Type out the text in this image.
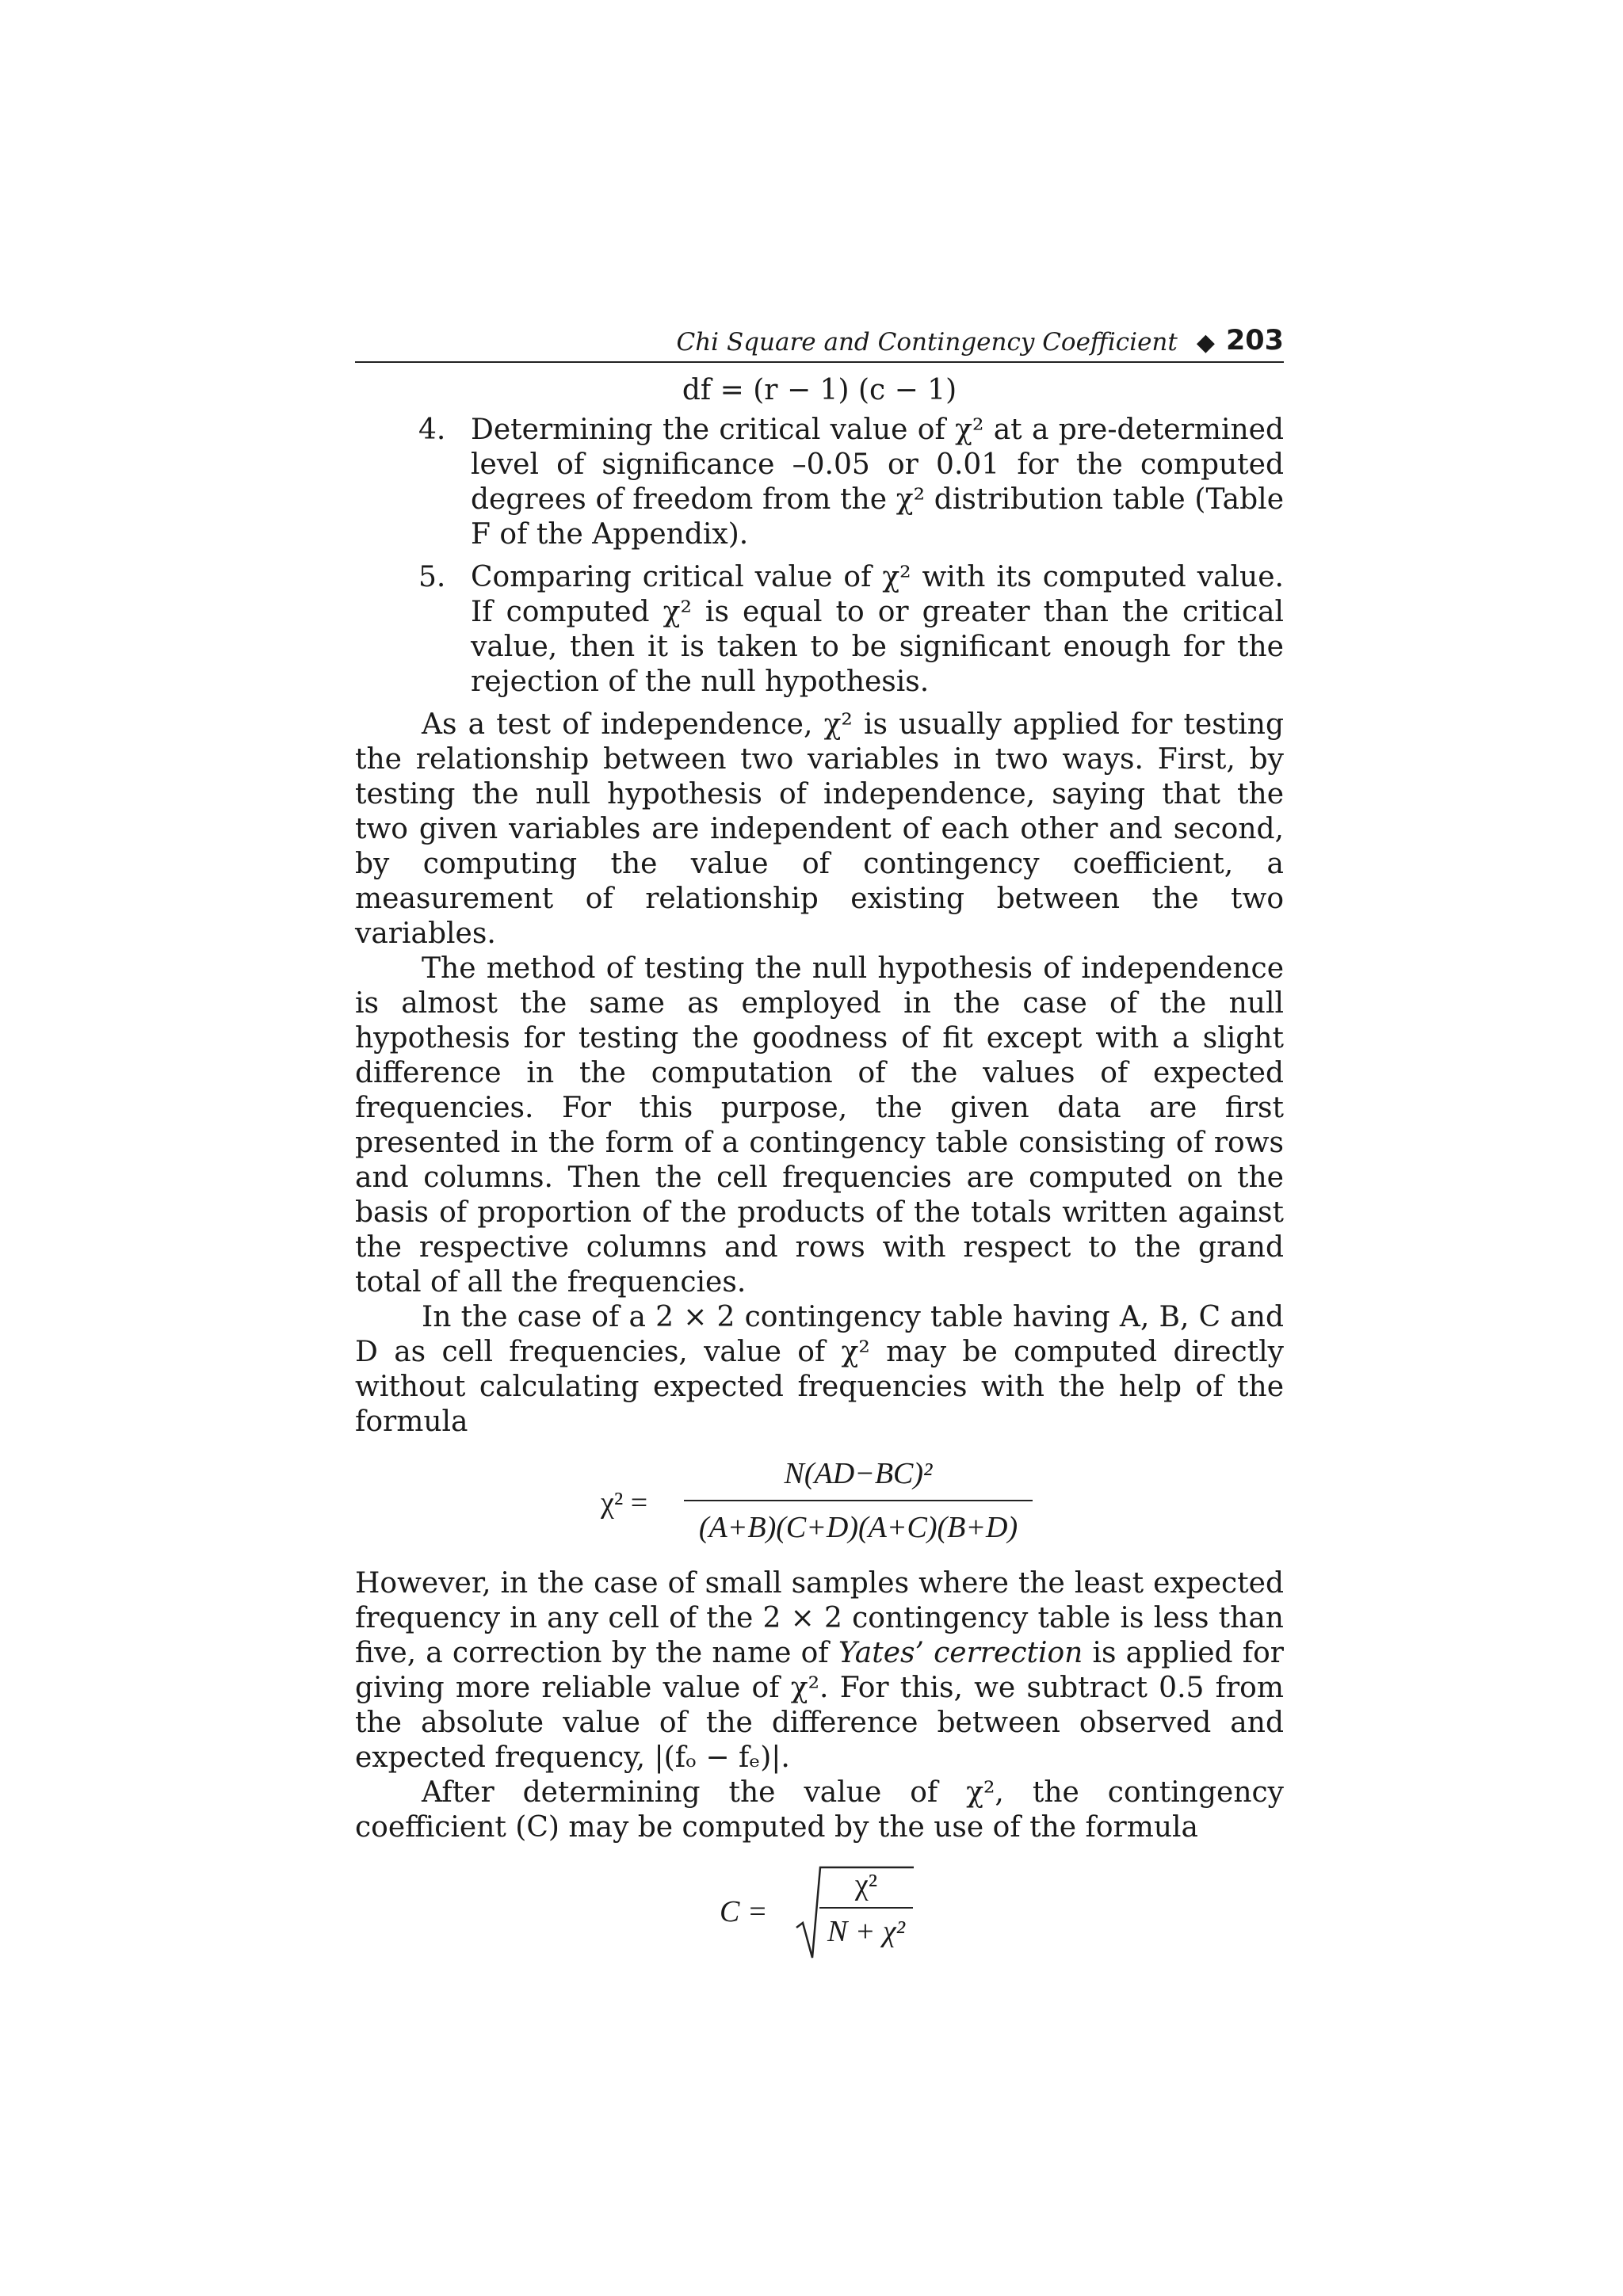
Chi Square and Contingency Coefficient ◆ 203
df = (r − 1) (c − 1)
4. Determining the critical value of χ² at a pre-determined level of significance –0.05 or 0.01 for the computed degrees of freedom from the χ² distribution table (Table F of the Appendix).
5. Comparing critical value of χ² with its computed value. If computed χ² is equal to or greater than the critical value, then it is taken to be significant enough for the rejection of the null hypothesis.

As a test of independence, χ² is usually applied for testing the relationship between two variables in two ways. First, by testing the null hypothesis of independence, saying that the two given variables are independent of each other and second, by computing the value of contingency coefficient, a measurement of relationship existing between the two variables.

The method of testing the null hypothesis of independence is almost the same as employed in the case of the null hypothesis for testing the goodness of fit except with a slight difference in the computation of the values of expected frequencies. For this purpose, the given data are first presented in the form of a contingency table consisting of rows and columns. Then the cell frequencies are computed on the basis of proportion of the products of the totals written against the respective columns and rows with respect to the grand total of all the frequencies.

In the case of a 2 × 2 contingency table having A, B, C and D as cell frequencies, value of χ² may be computed directly without calculating expected frequencies with the help of the formula

χ² =
N(AD−BC)²
(A+B)(C+D)(A+C)(B+D)

However, in the case of small samples where the least expected frequency in any cell of the 2 × 2 contingency table is less than five, a correction by the name of Yates’ cerrection is applied for giving more reliable value of χ². For this, we subtract 0.5 from the absolute value of the difference between observed and expected frequency, |(fₒ − fₑ)|.

After determining the value of χ², the contingency coefficient (C) may be computed by the use of the formula

C =
χ²
N + χ²
